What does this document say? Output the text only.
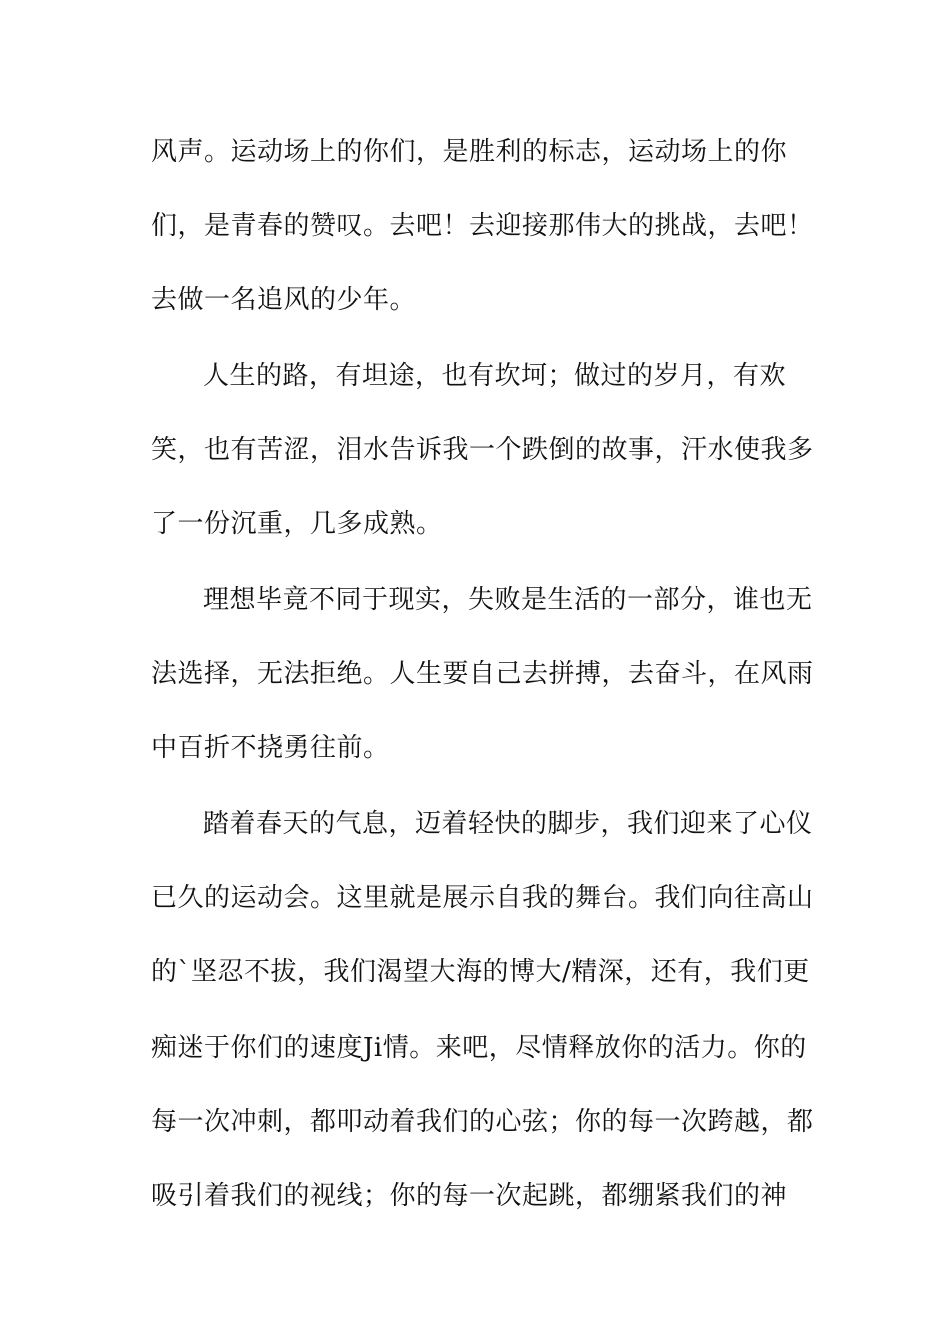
风声。运动场上的你们，是胜利的标志，运动场上的你
们，是青春的赞叹。去吧！去迎接那伟大的挑战，去吧！
去做一名追风的少年。
人生的路，有坦途，也有坎坷；做过的岁月，有欢
笑，也有苦涩，泪水告诉我一个跌倒的故事，汗水使我多
了一份沉重，几多成熟。
理想毕竟不同于现实，失败是生活的一部分，谁也无
法选择，无法拒绝。人生要自己去拼搏，去奋斗，在风雨
中百折不挠勇往前。
踏着春天的气息，迈着轻快的脚步，我们迎来了心仪
已久的运动会。这里就是展示自我的舞台。我们向往高山
的`坚忍不拔，我们渴望大海的博大/精深，还有，我们更
痴迷于你们的速度Ji情。来吧，尽情释放你的活力。你的
每一次冲刺，都叩动着我们的心弦；你的每一次跨越，都
吸引着我们的视线；你的每一次起跳，都绷紧我们的神
